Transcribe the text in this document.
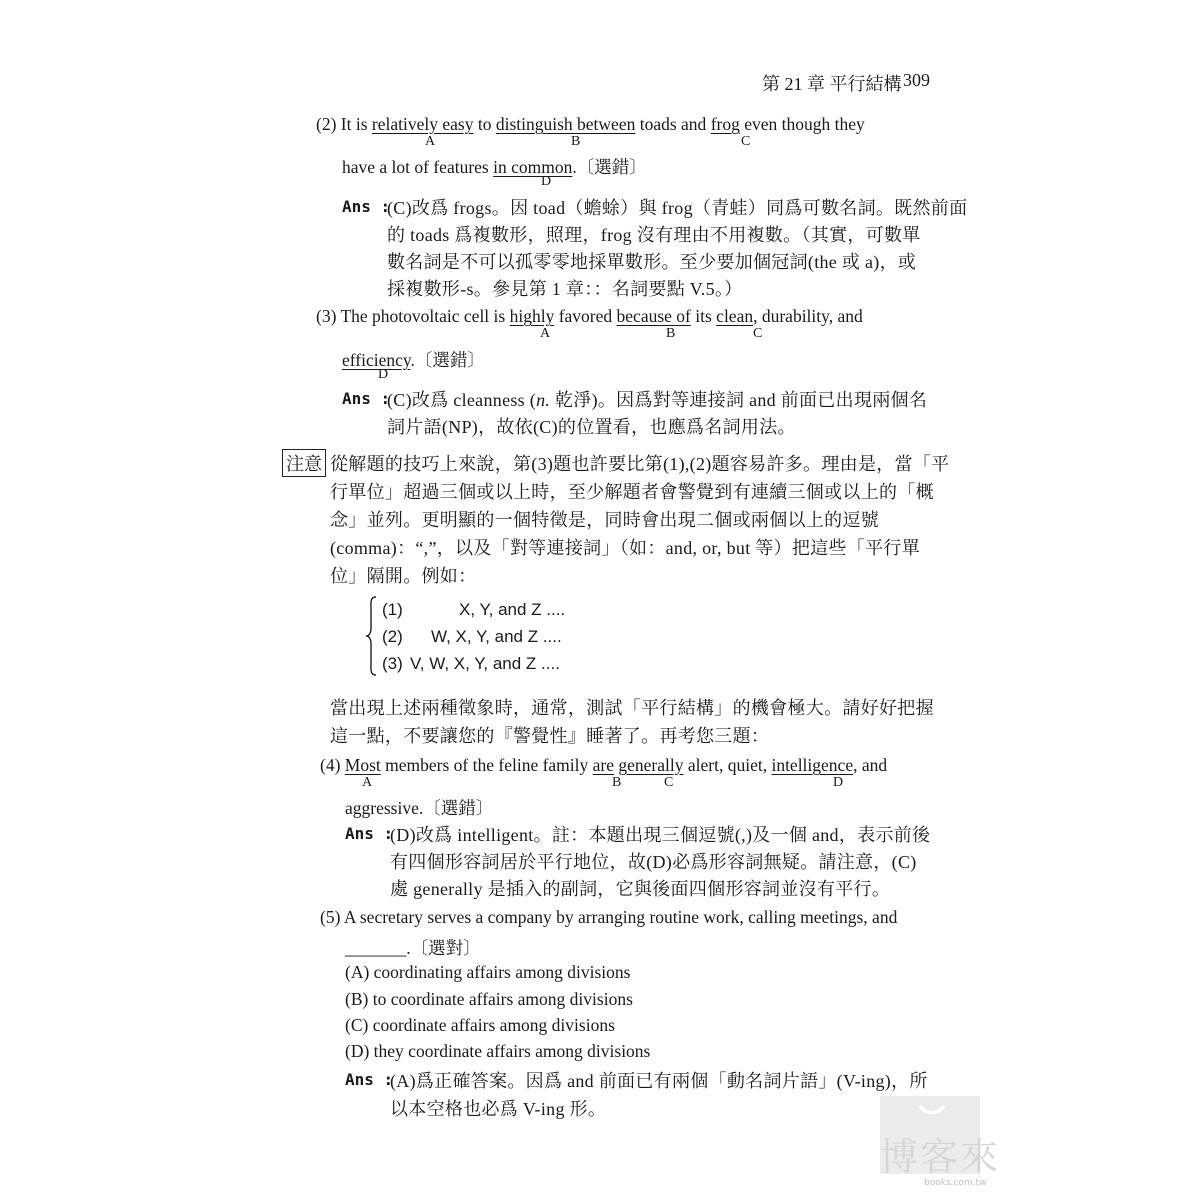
第 21 章 平行結構 309
(2) It is relatively easy to distinguish between toads and frog even though they
A	B	C
have a lot of features in common.〔選錯〕
D
Ans :
(C)改爲 frogs。因 toad（蟾蜍）與 frog（青蛙）同爲可數名詞。既然前面
的 toads 爲複數形，照理，frog 沒有理由不用複數。（其實，可數單
數名詞是不可以孤零零地採單數形。至少要加個冠詞(the 或 a)，或
採複數形-s。參見第 1 章：：名詞要點 V.5。）
(3) The photovoltaic cell is highly favored because of its clean, durability, and
A	B	C
efficiency.〔選錯〕
D
Ans :
(C)改爲 cleanness (n. 乾淨)。因爲對等連接詞 and 前面已出現兩個名
詞片語(NP)，故依(C)的位置看，也應爲名詞用法。
注意 從解題的技巧上來說，第(3)題也許要比第(1),(2)題容易許多。理由是，當「平
行單位」超過三個或以上時，至少解題者會警覺到有連續三個或以上的「概
念」並列。更明顯的一個特徵是，同時會出現二個或兩個以上的逗號
(comma)：“,”，以及「對等連接詞」（如：and, or, but 等）把這些「平行單
位」隔開。例如：
(1)	X, Y, and Z ....
(2) W, X, Y, and Z ....
(3) V, W, X, Y, and Z ....
當出現上述兩種徵象時，通常，測試「平行結構」的機會極大。請好好把握
這一點，不要讓您的『警覺性』睡著了。再考您三題：
(4) Most members of the feline family are generally alert, quiet, intelligence, and
A	B	C	D
aggressive.〔選錯〕
Ans :
(D)改爲 intelligent。註：本題出現三個逗號(,)及一個 and，表示前後
有四個形容詞居於平行地位，故(D)必爲形容詞無疑。請注意，(C)
處 generally 是插入的副詞，它與後面四個形容詞並沒有平行。
(5) A secretary serves a company by arranging routine work, calling meetings, and
_______.〔選對〕
(A) coordinating affairs among divisions
(B) to coordinate affairs among divisions
(C) coordinate affairs among divisions
(D) they coordinate affairs among divisions
Ans :
(A)爲正確答案。因爲 and 前面已有兩個「動名詞片語」(V-ing)，所
以本空格也必爲 V-ing 形。
博客來
books.com.tw
